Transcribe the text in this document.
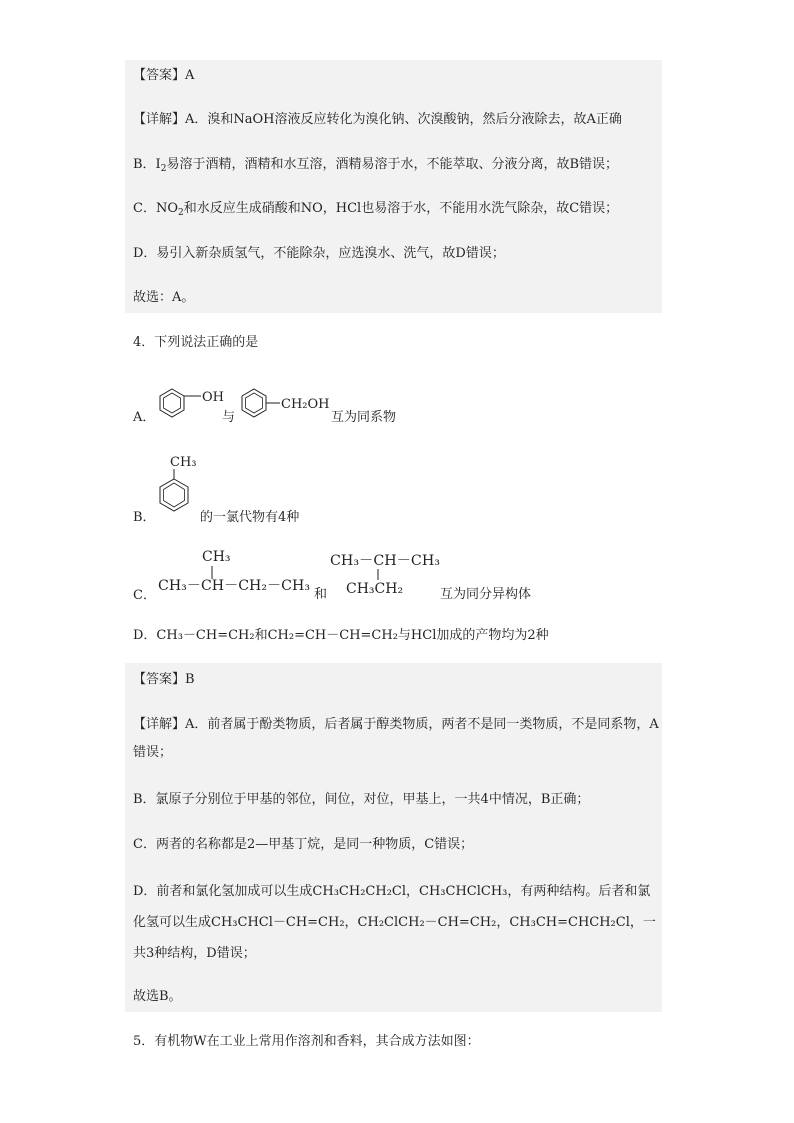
【答案】A
【详解】A．溴和NaOH溶液反应转化为溴化钠、次溴酸钠，然后分液除去，故A正确
B．$I_2$易溶于酒精，酒精和水互溶，酒精易溶于水，不能萃取、分液分离，故B错误；
C．$NO_2$和水反应生成硝酸和NO，HCl也易溶于水，不能用水洗气除杂，故C错误；
D．易引入新杂质氢气，不能除杂，应选溴水、洗气，故D错误；
故选：A。
4．下列说法正确的是
A．
OH
与
CH₂OH
互为同系物
B．
CH₃
的一氯代物有4种
C．
CH₃
CH₃－CH－CH₂－CH₃
和
CH₃－CH－CH₃
CH₃CH₂	互为同分异构体
D．CH₃－CH=CH₂和CH₂=CH－CH=CH₂与HCl加成的产物均为2种
【答案】B
【详解】A．前者属于酚类物质，后者属于醇类物质，两者不是同一类物质，不是同系物，A错误；
B．氯原子分别位于甲基的邻位，间位，对位，甲基上，一共4中情况，B正确；
C．两者的名称都是2—甲基丁烷，是同一种物质，C错误；
D．前者和氯化氢加成可以生成CH₃CH₂CH₂Cl，CH₃CHClCH₃，有两种结构。后者和氯化氢可以生成CH₃CHCl－CH=CH₂，CH₂ClCH₂－CH=CH₂，CH₃CH=CHCH₂Cl，一共3种结构，D错误；
故选B。
5．有机物W在工业上常用作溶剂和香料，其合成方法如图：
